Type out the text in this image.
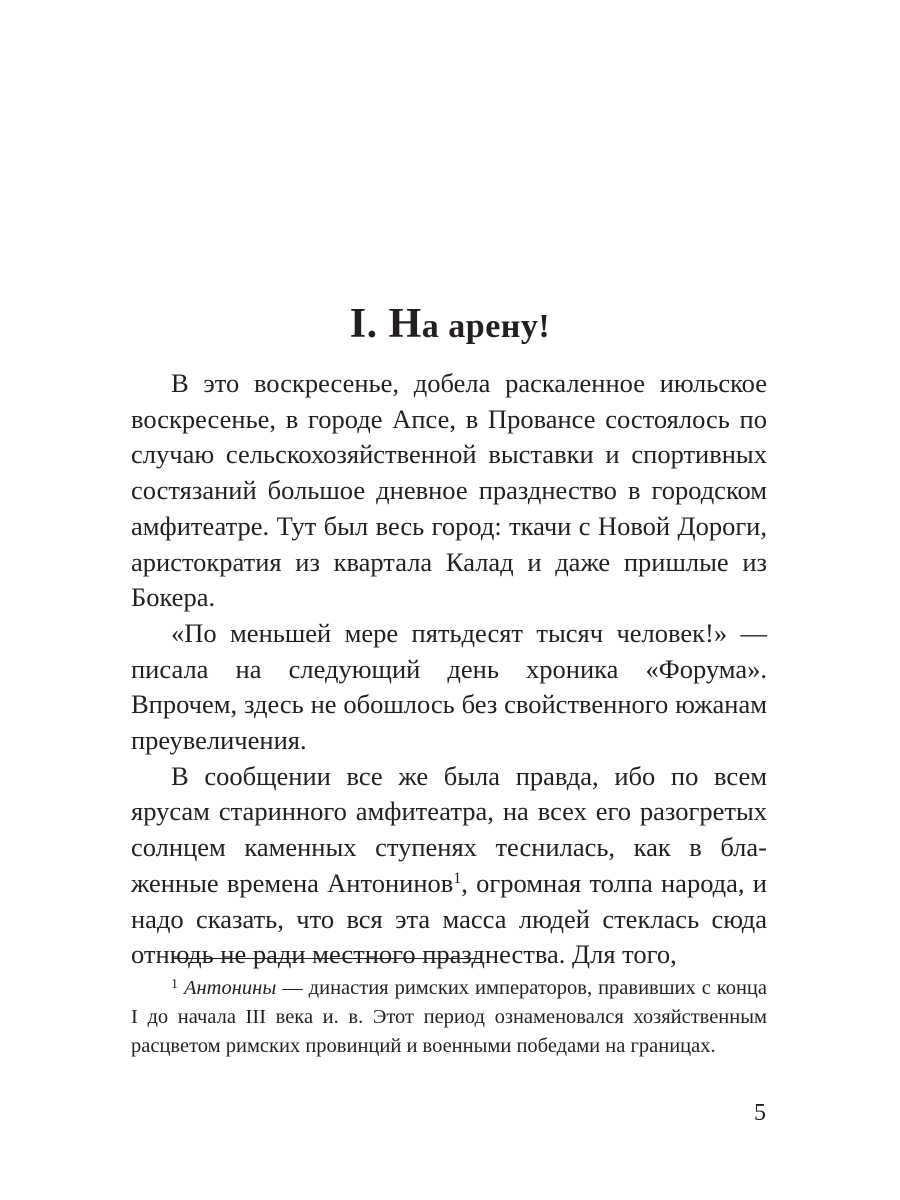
I. На арену!

В это воскресенье, добела раскаленное июльское воскресенье, в городе Апсе, в Провансе состоялось по случаю сельскохозяйственной выставки и спортивных состязаний большое дневное празднество в городском амфитеатре. Тут был весь город: ткачи с Новой Дороги, аристократия из квартала Калад и даже пришлые из Бокера.

«По меньшей мере пятьдесят тысяч человек!» — писала на следующий день хроника «Форума». Впрочем, здесь не обошлось без свойственного южанам преувеличения.

В сообщении все же была правда, ибо по всем ярусам старинного амфитеатра, на всех его разогретых солнцем каменных ступенях теснилась, как в блаженные времена Антонинов$^1$, огромная толпа народа, и надо сказать, что вся эта масса людей стеклась сюда отнюдь не ради местного празднества. Для того,

$^1$ Антонины — династия римских императоров, правивших с конца I до начала III века и. в. Этот период ознаменовался хозяйственным расцветом римских провинций и военными победами на границах.

5
